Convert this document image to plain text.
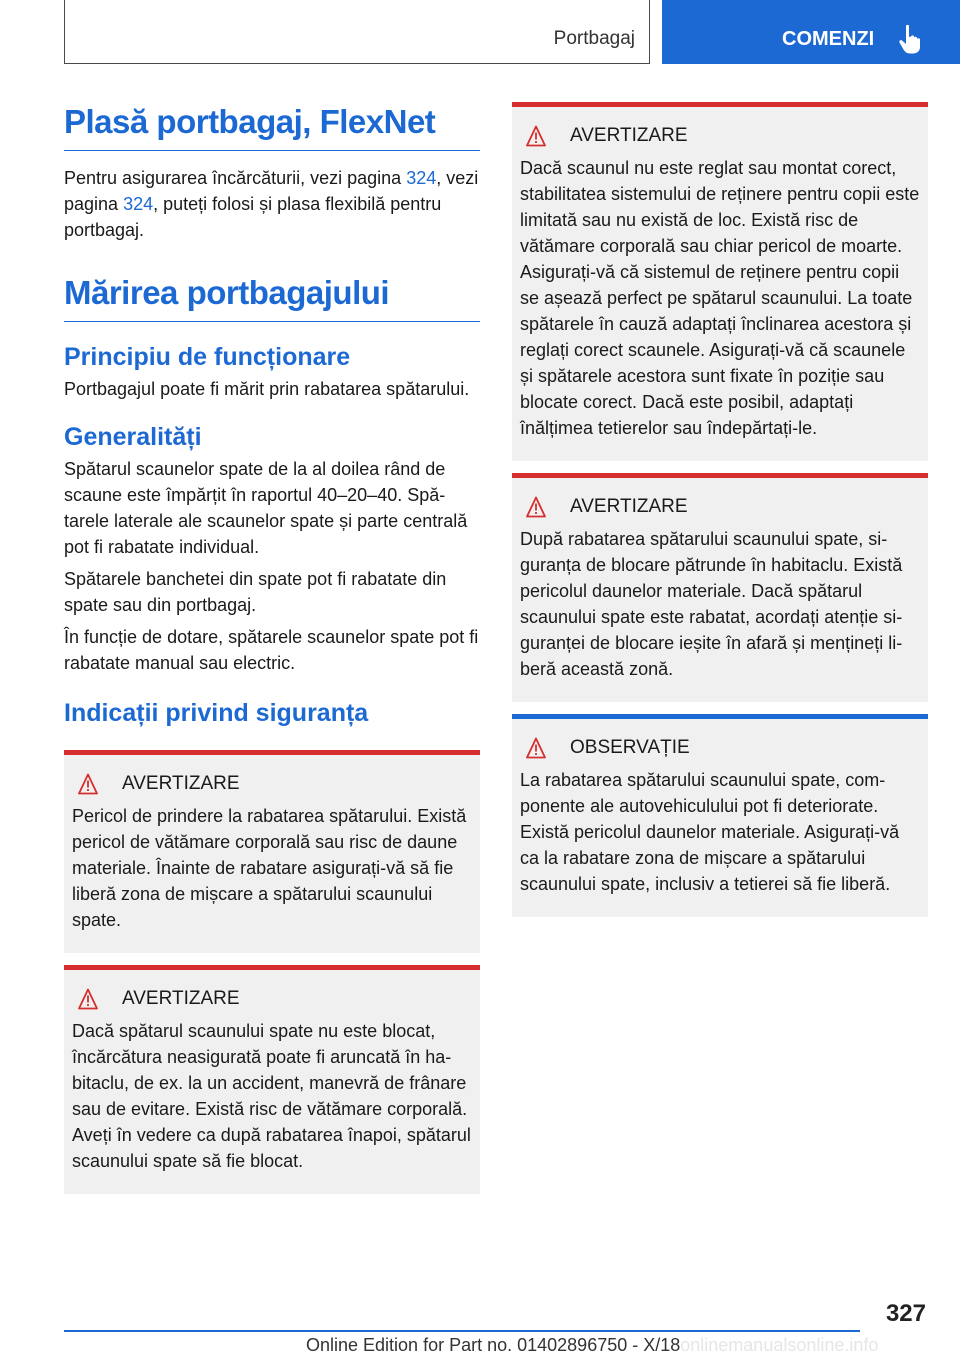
Portbagaj	COMENZI
Plasă portbagaj, FlexNet

Pentru asigurarea încărcăturii, vezi pagina 324, vezi pagina 324, puteți folosi și plasa flexibilă pentru portbagaj.

Mărirea portbagajului
Principiu de funcționare

Portbagajul poate fi mărit prin rabatarea spătarului.

Generalități

Spătarul scaunelor spate de la al doilea rând de scaune este împărțit în raportul 40–20–40. Spătarele laterale ale scaunelor spate și parte centrală pot fi rabatate individual.

Spătarele banchetei din spate pot fi rabatate din spate sau din portbagaj.

În funcție de dotare, spătarele scaunelor spate pot fi rabatate manual sau electric.

Indicații privind siguranța
AVERTIZARE

Pericol de prindere la rabatarea spătarului. Există pericol de vătămare corporală sau risc de daune materiale. Înainte de rabatare asigurați-vă să fie liberă zona de mișcare a spătarului scaunului spate.

AVERTIZARE

Dacă spătarul scaunului spate nu este blocat, încărcătura neasigurată poate fi aruncată în habitaclu, de ex. la un accident, manevră de frânare sau de evitare. Există risc de vătămare corporală. Aveți în vedere ca după rabatarea înapoi, spătarul scaunului spate să fie blocat.

AVERTIZARE

Dacă scaunul nu este reglat sau montat corect, stabilitatea sistemului de reținere pentru copii este limitată sau nu există de loc. Există risc de vătămare corporală sau chiar pericol de moarte. Asigurați-vă că sistemul de reținere pentru copii se așează perfect pe spătarul scaunului. La toate spătarele în cauză adaptați înclinarea acestora și reglați corect scaunele. Asigurați-vă că scaunele și spătarele acestora sunt fixate în poziție sau blocate corect. Dacă este posibil, adaptați înălțimea tetierelor sau îndepărtați-le.

AVERTIZARE

După rabatarea spătarului scaunului spate, siguranța de blocare pătrunde în habitaclu. Există pericolul daunelor materiale. Dacă spătarul scaunului spate este rabatat, acordați atenție siguranței de blocare ieșite în afară și mențineți liberă această zonă.

OBSERVAȚIE

La rabatarea spătarului scaunului spate, componente ale autovehiculului pot fi deteriorate. Există pericolul daunelor materiale. Asigurați-vă ca la rabatare zona de mișcare a spătarului scaunului spate, inclusiv a tetierei să fie liberă.

327
Online Edition for Part no. 01402896750 - X/18onlinemanualsonline.info
